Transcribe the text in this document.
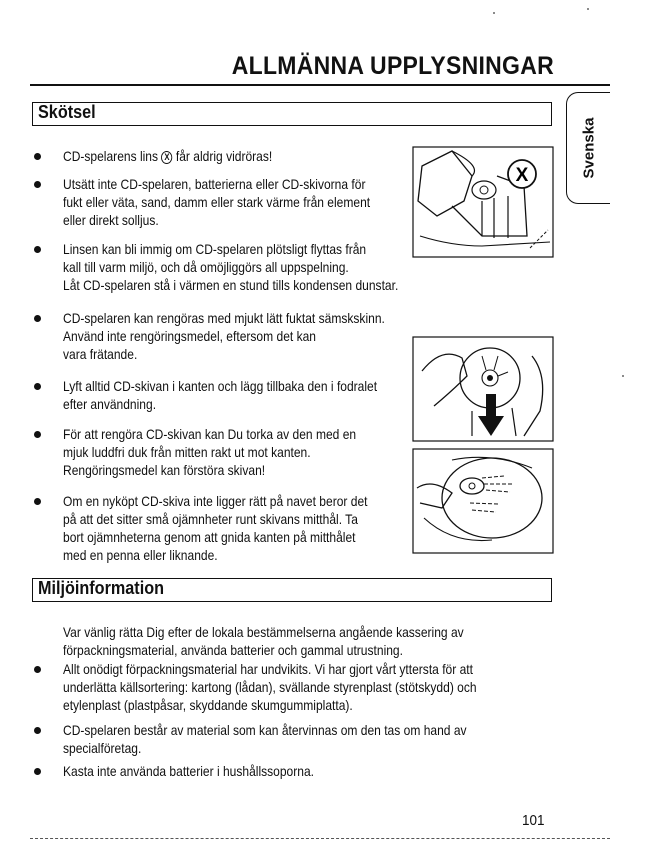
ALLMÄNNA UPPLYSNINGAR
Svenska
Skötsel
CD-spelarens lins X får aldrig vidröras!
Utsätt inte CD-spelaren, batterierna eller CD-skivorna för
fukt eller väta, sand, damm eller stark värme från element
eller direkt solljus.
Linsen kan bli immig om CD-spelaren plötsligt flyttas från
kall till varm miljö, och då omöjliggörs all uppspelning.
Låt CD-spelaren stå i värmen en stund tills kondensen dunstar.
CD-spelaren kan rengöras med mjukt lätt fuktat sämskskinn.
Använd inte rengöringsmedel, eftersom det kan
vara frätande.
Lyft alltid CD-skivan i kanten och lägg tillbaka den i fodralet
efter användning.
För att rengöra CD-skivan kan Du torka av den med en
mjuk luddfri duk från mitten rakt ut mot kanten.
Rengöringsmedel kan förstöra skivan!
Om en nyköpt CD-skiva inte ligger rätt på navet beror det
på att det sitter små ojämnheter runt skivans mitthål. Ta
bort ojämnheterna genom att gnida kanten på mitthålet
med en penna eller liknande.
Miljöinformation
Var vänlig rätta Dig efter de lokala bestämmelserna angående kassering av
förpackningsmaterial, använda batterier och gammal utrustning.
Allt onödigt förpackningsmaterial har undvikits. Vi har gjort vårt yttersta för att
underlätta källsortering: kartong (lådan), svällande styrenplast (stötskydd) och
etylenplast (plastpåsar, skyddande skumgummiplatta).
CD-spelaren består av material som kan återvinnas om den tas om hand av
specialföretag.
Kasta inte använda batterier i hushållssoporna.
X
101
